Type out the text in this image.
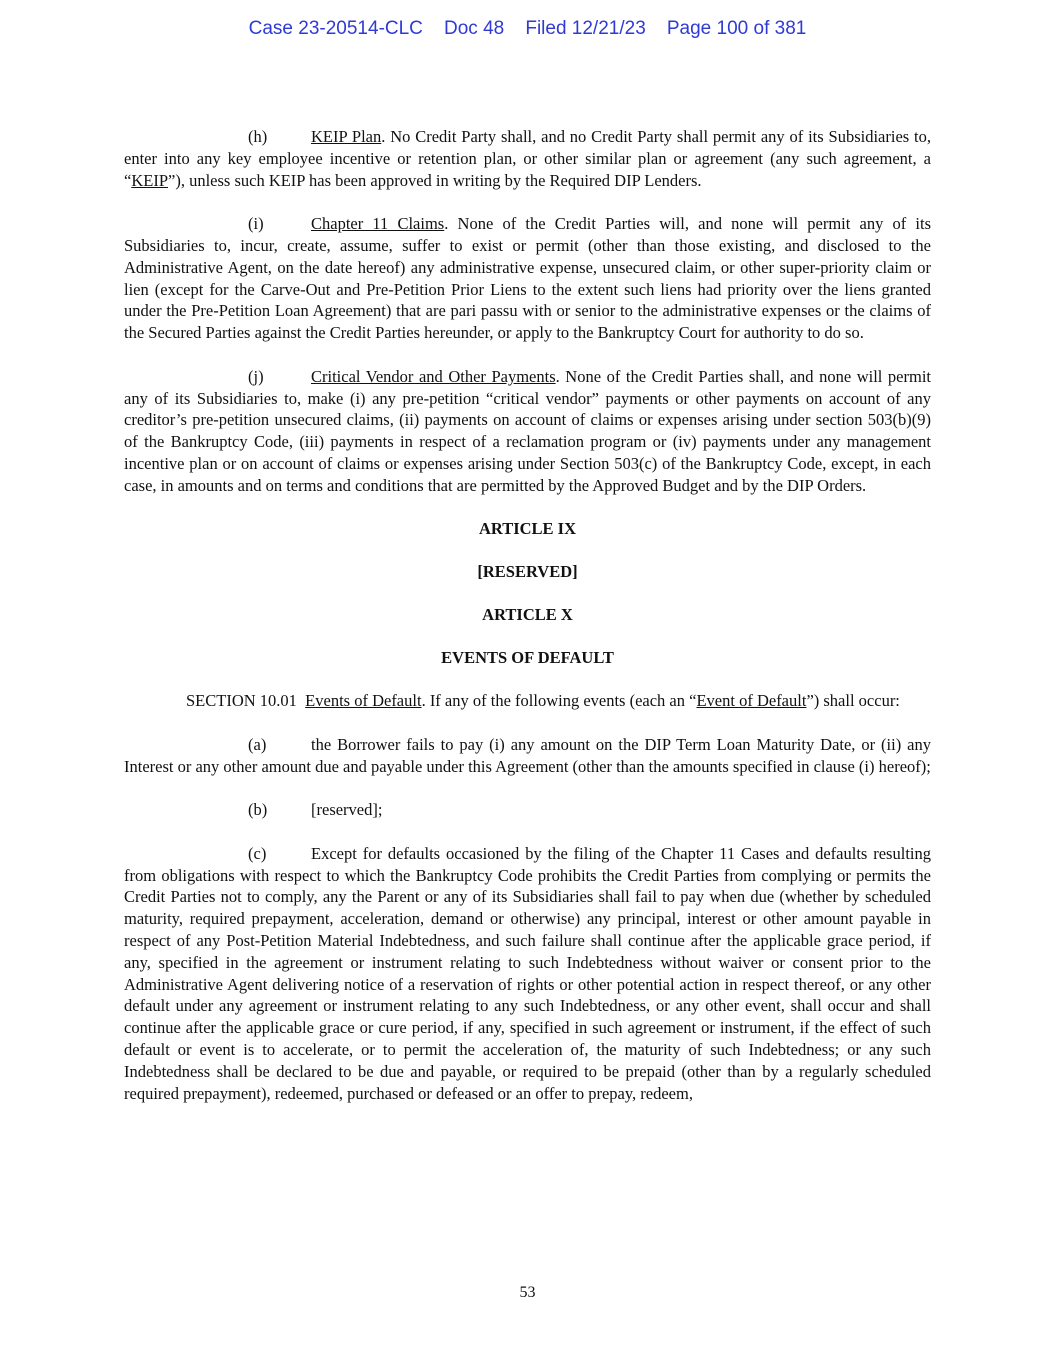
Case 23-20514-CLC    Doc 48    Filed 12/21/23    Page 100 of 381

(h)	KEIP Plan. No Credit Party shall, and no Credit Party shall permit any of its Subsidiaries to, enter into any key employee incentive or retention plan, or other similar plan or agreement (any such agreement, a “KEIP”), unless such KEIP has been approved in writing by the Required DIP Lenders.

(i)	Chapter 11 Claims. None of the Credit Parties will, and none will permit any of its Subsidiaries to, incur, create, assume, suffer to exist or permit (other than those existing, and disclosed to the Administrative Agent, on the date hereof) any administrative expense, unsecured claim, or other super-priority claim or lien (except for the Carve-Out and Pre-Petition Prior Liens to the extent such liens had priority over the liens granted under the Pre-Petition Loan Agreement) that are pari passu with or senior to the administrative expenses or the claims of the Secured Parties against the Credit Parties hereunder, or apply to the Bankruptcy Court for authority to do so.

(j)	Critical Vendor and Other Payments. None of the Credit Parties shall, and none will permit any of its Subsidiaries to, make (i) any pre-petition “critical vendor” payments or other payments on account of any creditor’s pre-petition unsecured claims, (ii) payments on account of claims or expenses arising under section 503(b)(9) of the Bankruptcy Code, (iii) payments in respect of a reclamation program or (iv) payments under any management incentive plan or on account of claims or expenses arising under Section 503(c) of the Bankruptcy Code, except, in each case, in amounts and on terms and conditions that are permitted by the Approved Budget and by the DIP Orders.

ARTICLE IX
[RESERVED]
ARTICLE X
EVENTS OF DEFAULT

SECTION 10.01 Events of Default. If any of the following events (each an “Event of Default”) shall occur:

(a)	the Borrower fails to pay (i) any amount on the DIP Term Loan Maturity Date, or (ii) any Interest or any other amount due and payable under this Agreement (other than the amounts specified in clause (i) hereof);

(b)	[reserved];

(c)	Except for defaults occasioned by the filing of the Chapter 11 Cases and defaults resulting from obligations with respect to which the Bankruptcy Code prohibits the Credit Parties from complying or permits the Credit Parties not to comply, any the Parent or any of its Subsidiaries shall fail to pay when due (whether by scheduled maturity, required prepayment, acceleration, demand or otherwise) any principal, interest or other amount payable in respect of any Post-Petition Material Indebtedness, and such failure shall continue after the applicable grace period, if any, specified in the agreement or instrument relating to such Indebtedness without waiver or consent prior to the Administrative Agent delivering notice of a reservation of rights or other potential action in respect thereof, or any other default under any agreement or instrument relating to any such Indebtedness, or any other event, shall occur and shall continue after the applicable grace or cure period, if any, specified in such agreement or instrument, if the effect of such default or event is to accelerate, or to permit the acceleration of, the maturity of such Indebtedness; or any such Indebtedness shall be declared to be due and payable, or required to be prepaid (other than by a regularly scheduled required prepayment), redeemed, purchased or defeased or an offer to prepay, redeem,

53
